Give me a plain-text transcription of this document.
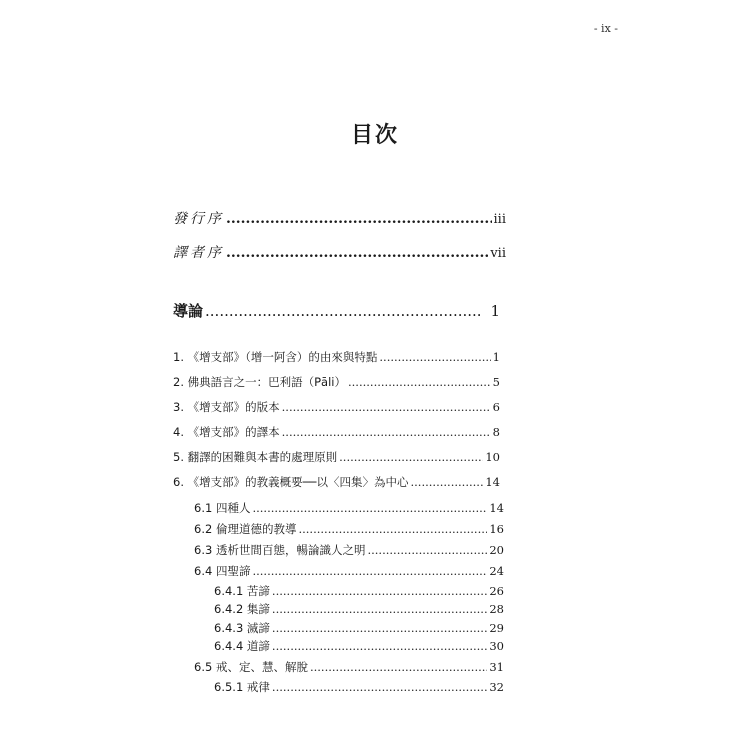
- ix -
目次
發行序 .....	iii
譯者序 .....	vii
導論 .....	1
1. 《增支部》（增一阿含）的由來與特點 .....	1
2. 佛典語言之一：巴利語（Pāli） .....	5
3. 《增支部》的版本 .....	6
4. 《增支部》的譯本 .....	8
5. 翻譯的困難與本書的處理原則 .....	10
6. 《增支部》的教義概要──以〈四集〉為中心 .....	14
6.1 四種人 .....	14
6.2 倫理道德的教導 .....	16
6.3 透析世間百態，暢論識人之明 .....	20
6.4 四聖諦 .....	24
6.4.1 苦諦 .....	26
6.4.2 集諦 .....	28
6.4.3 滅諦 .....	29
6.4.4 道諦 .....	30
6.5 戒、定、慧、解脫 .....	31
6.5.1 戒律 .....	32
